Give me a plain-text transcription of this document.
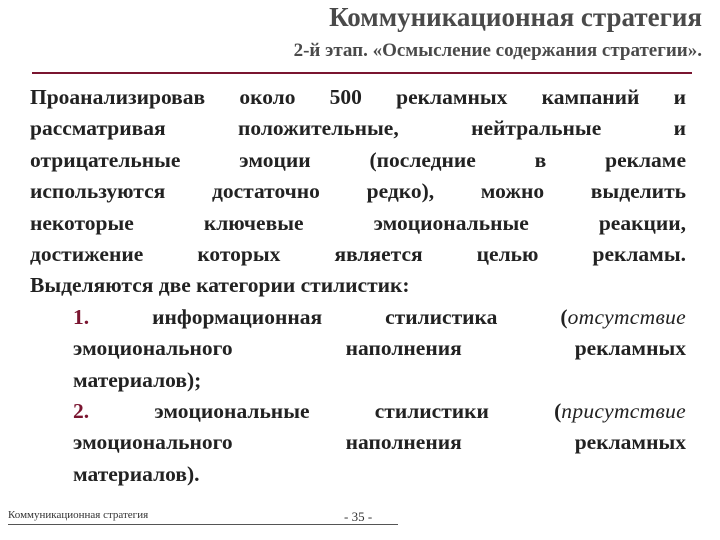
Коммуникационная стратегия
2-й этап. «Осмысление содержания стратегии».
Проанализировав около 500 рекламных кампаний и
рассматривая положительные, нейтральные и
отрицательные эмоции (последние в рекламе
используются достаточно редко), можно выделить
некоторые ключевые эмоциональные реакции,
достижение которых является целью рекламы.
Выделяются две категории стилистик:
1.	информационная стилистика	(отсутствие
эмоционального наполнения рекламных
материалов);
2.	эмоциональные стилистики	(присутствие
эмоционального наполнения рекламных
материалов).
Коммуникационная стратегия	- 35 -
